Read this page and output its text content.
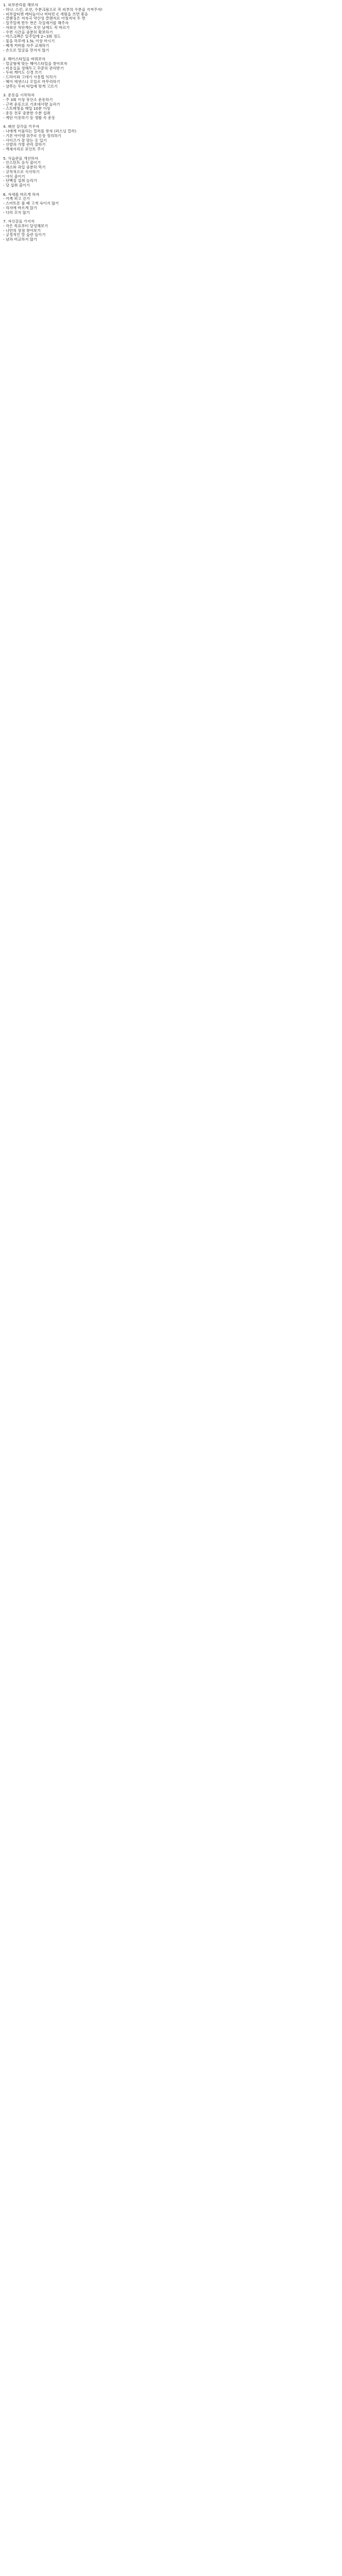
1. 피부관리를 해보자
- 하나. 스킨, 로션, 수분크림으로 꼭 피부의 수분을 지켜주자!
- 피부잡티엔 레티놀이나 비타민 C 세럼을 쓰면 좋음
- 클렌징은 저자극 약산성 클렌저로 아침저녁 두 번
- 일주일에 한두 번은 각질제거를 해주자
- 자외선 차단제는 흐린 날에도 꼭 바르기
- 수면 시간을 충분히 확보하기
- 마스크팩은 일주일에 2~3회 정도
- 물을 하루에 1.5L 이상 마시기
- 베개 커버를 자주 교체하기
- 손으로 얼굴을 만지지 않기
2. 헤어스타일을 바꿔보자
- 얼굴형에 맞는 헤어스타일을 찾아보자
- 미용실을 정해두고 꾸준히 관리받기
- 두피 케어도 신경 쓰기
- 드라이와 고데기 사용법 익히기
- 헤어 에센스나 오일로 마무리하기
- 샴푸는 두피 타입에 맞게 고르기
3. 운동을 시작하자
- 주 3회 이상 유산소 운동하기
- 근력 운동으로 기초대사량 늘리기
- 스트레칭을 매일 10분 이상
- 운동 전후 충분한 수분 섭취
- 계단 이용하기 등 생활 속 운동
4. 패션 감각을 키우자
- 나에게 어울리는 컬러를 찾자 (퍼스널 컬러)
- 기본 아이템 위주로 옷장 정리하기
- 사이즈가 잘 맞는 옷 입기
- 신발과 가방 관리 잘하기
- 액세서리로 포인트 주기
5. 식습관을 개선하자
- 인스턴트 음식 줄이기
- 채소와 과일 충분히 먹기
- 규칙적으로 식사하기
- 야식 줄이기
- 단백질 섭취 늘리기
- 당 섭취 줄이기
6. 자세를 바르게 하자
- 어깨 펴고 걷기
- 스마트폰 볼 때 고개 숙이지 않기
- 의자에 바르게 앉기
- 다리 꼬지 않기
7. 자신감을 가지자
- 작은 목표부터 달성해보기
- 나만의 장점 찾아보기
- 긍정적인 말 습관 들이기
- 남과 비교하지 않기
